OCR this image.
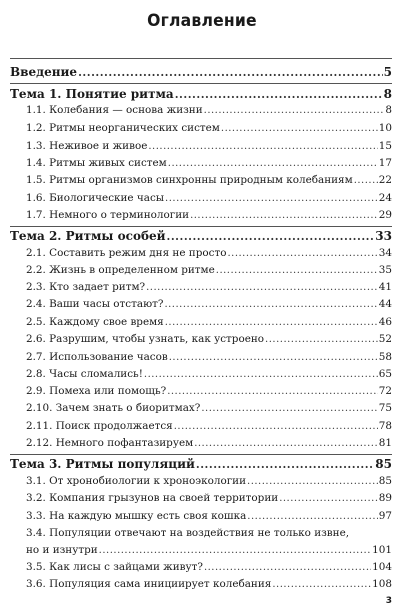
Оглавление
Введение .....	5
Тема 1. Понятие ритма .....	8
1.1. Колебания — основа жизни .....	8
1.2. Ритмы неорганических систем .....	10
1.3. Неживое и живое .....	15
1.4. Ритмы живых систем .....	17
1.5. Ритмы организмов синхронны природным колебаниям .....	22
1.6. Биологические часы .....	24
1.7. Немного о терминологии .....	29
Тема 2. Ритмы особей .....	33
2.1. Составить режим дня не просто .....	34
2.2. Жизнь в определенном ритме .....	35
2.3. Кто задает ритм? .....	41
2.4. Ваши часы отстают? .....	44
2.5. Каждому свое время .....	46
2.6. Разрушим, чтобы узнать, как устроено .....	52
2.7. Использование часов .....	58
2.8. Часы сломались! .....	65
2.9. Помеха или помощь? .....	72
2.10. Зачем знать о биоритмах? .....	75
2.11. Поиск продолжается .....	78
2.12. Немного пофантазируем .....	81
Тема 3. Ритмы популяций .....	85
3.1. От хронобиологии к хроноэкологии .....	85
3.2. Компания грызунов на своей территории .....	89
3.3. На каждую мышку есть своя кошка .....	97
3.4. Популяции отвечают на воздействия не только извне,
но и изнутри .....	101
3.5. Как лисы с зайцами живут? .....	104
3.6. Популяция сама инициирует колебания .....	108
3
